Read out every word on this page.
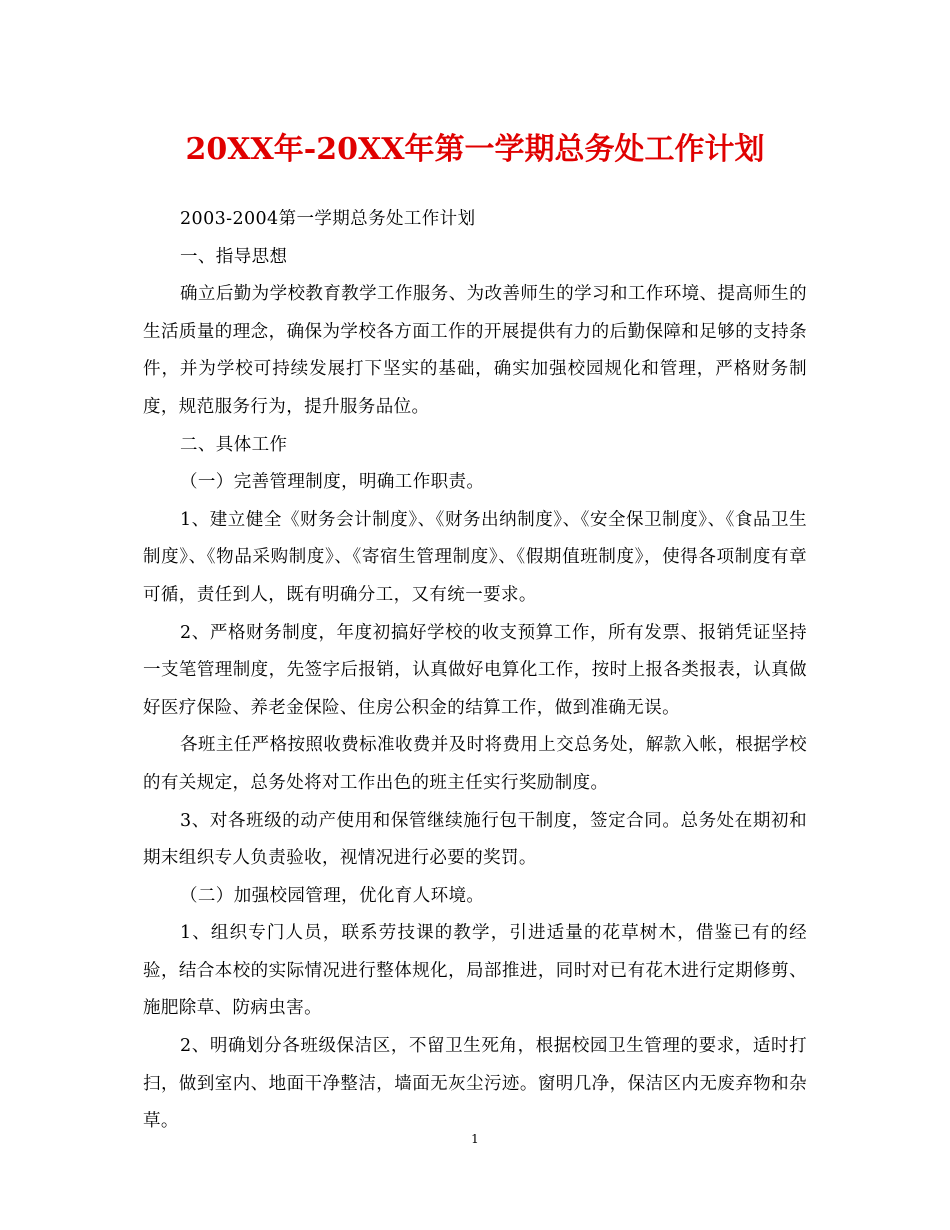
20XX年-20XX年第一学期总务处工作计划

2003-2004第一学期总务处工作计划

一、指导思想

确立后勤为学校教育教学工作服务、为改善师生的学习和工作环境、提高师生的生活质量的理念，确保为学校各方面工作的开展提供有力的后勤保障和足够的支持条件，并为学校可持续发展打下坚实的基础，确实加强校园规化和管理，严格财务制度，规范服务行为，提升服务品位。

二、具体工作

（一）完善管理制度，明确工作职责。

1、建立健全《财务会计制度》、《财务出纳制度》、《安全保卫制度》、《食品卫生制度》、《物品采购制度》、《寄宿生管理制度》、《假期值班制度》，使得各项制度有章可循，责任到人，既有明确分工，又有统一要求。

2、严格财务制度，年度初搞好学校的收支预算工作，所有发票、报销凭证坚持一支笔管理制度，先签字后报销，认真做好电算化工作，按时上报各类报表，认真做好医疗保险、养老金保险、住房公积金的结算工作，做到准确无误。

各班主任严格按照收费标准收费并及时将费用上交总务处，解款入帐，根据学校的有关规定，总务处将对工作出色的班主任实行奖励制度。

3、对各班级的动产使用和保管继续施行包干制度，签定合同。总务处在期初和期末组织专人负责验收，视情况进行必要的奖罚。

（二）加强校园管理，优化育人环境。

1、组织专门人员，联系劳技课的教学，引进适量的花草树木，借鉴已有的经验，结合本校的实际情况进行整体规化，局部推进，同时对已有花木进行定期修剪、施肥除草、防病虫害。

2、明确划分各班级保洁区，不留卫生死角，根据校园卫生管理的要求，适时打扫，做到室内、地面干净整洁，墙面无灰尘污迹。窗明几净，保洁区内无废弃物和杂草。

1
